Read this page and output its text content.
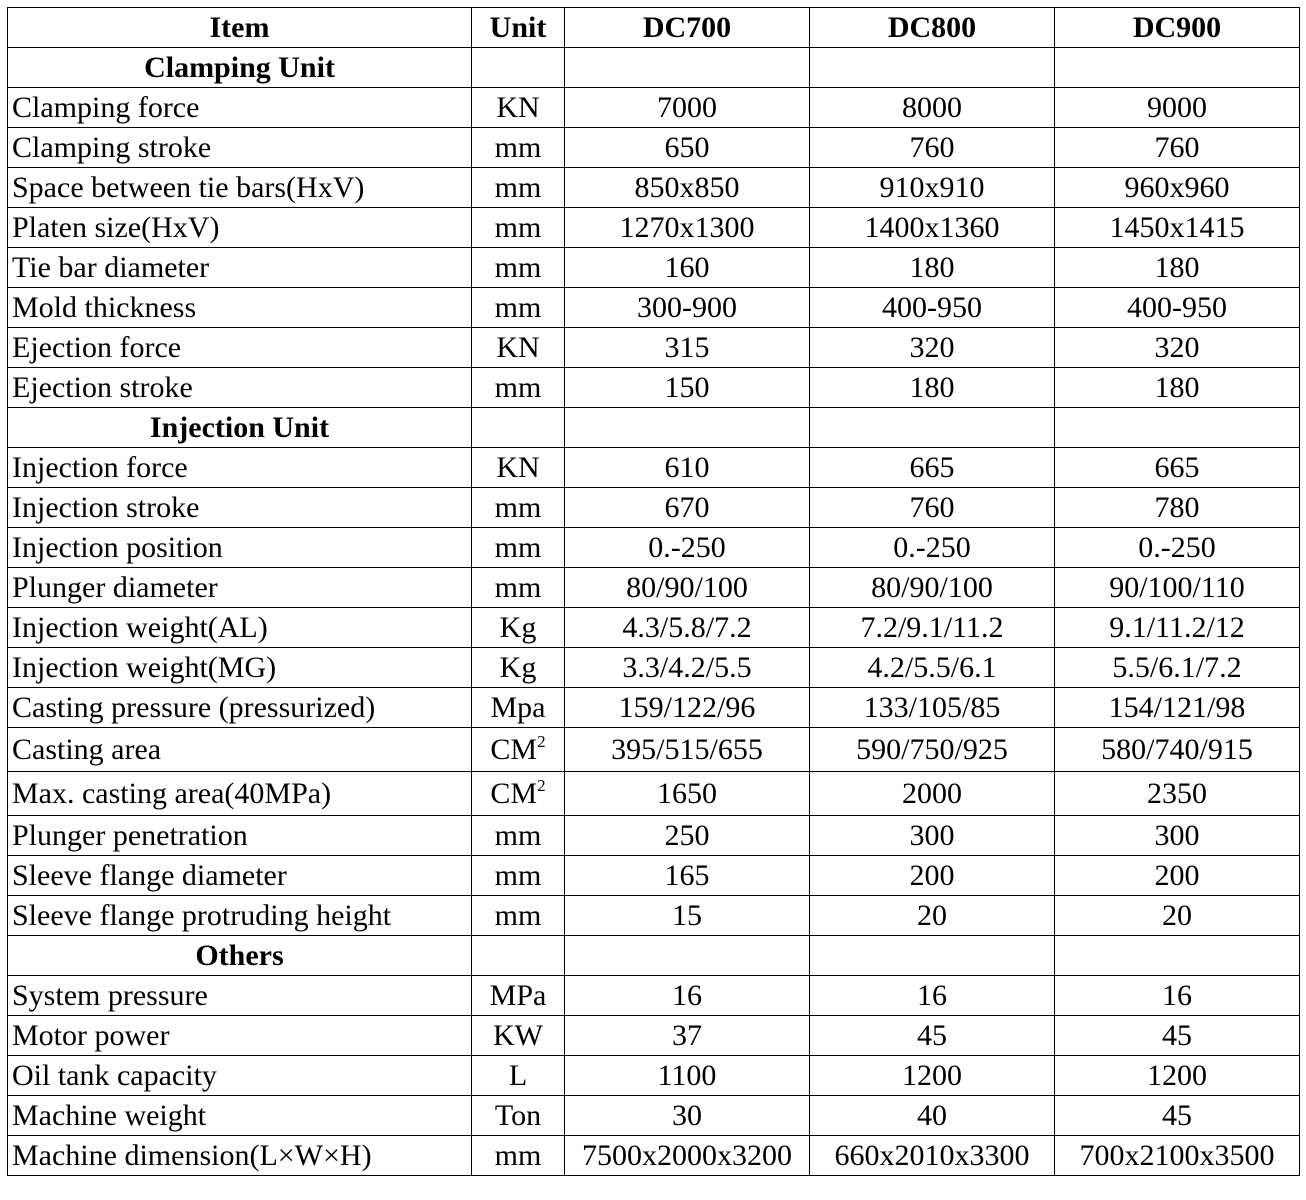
Item	Unit	DC700	DC800	DC900
Clamping Unit				
Clamping force	KN	7000	8000	9000
Clamping stroke	mm	650	760	760
Space between tie bars(HxV)	mm	850x850	910x910	960x960
Platen size(HxV)	mm	1270x1300	1400x1360	1450x1415
Tie bar diameter	mm	160	180	180
Mold thickness	mm	300-900	400-950	400-950
Ejection force	KN	315	320	320
Ejection stroke	mm	150	180	180
Injection Unit				
Injection force	KN	610	665	665
Injection stroke	mm	670	760	780
Injection position	mm	0.-250	0.-250	0.-250
Plunger diameter	mm	80/90/100	80/90/100	90/100/110
Injection weight(AL)	Kg	4.3/5.8/7.2	7.2/9.1/11.2	9.1/11.2/12
Injection weight(MG)	Kg	3.3/4.2/5.5	4.2/5.5/6.1	5.5/6.1/7.2
Casting pressure (pressurized)	Mpa	159/122/96	133/105/85	154/121/98
Casting area	$CM^2$	395/515/655	590/750/925	580/740/915
Max. casting area(40MPa)	$CM^2$	1650	2000	2350
Plunger penetration	mm	250	300	300
Sleeve flange diameter	mm	165	200	200
Sleeve flange protruding height	mm	15	20	20
Others				
System pressure	MPa	16	16	16
Motor power	KW	37	45	45
Oil tank capacity	L	1100	1200	1200
Machine weight	Ton	30	40	45
Machine dimension(L×W×H)	mm	7500x2000x3200	660x2010x3300	700x2100x3500
